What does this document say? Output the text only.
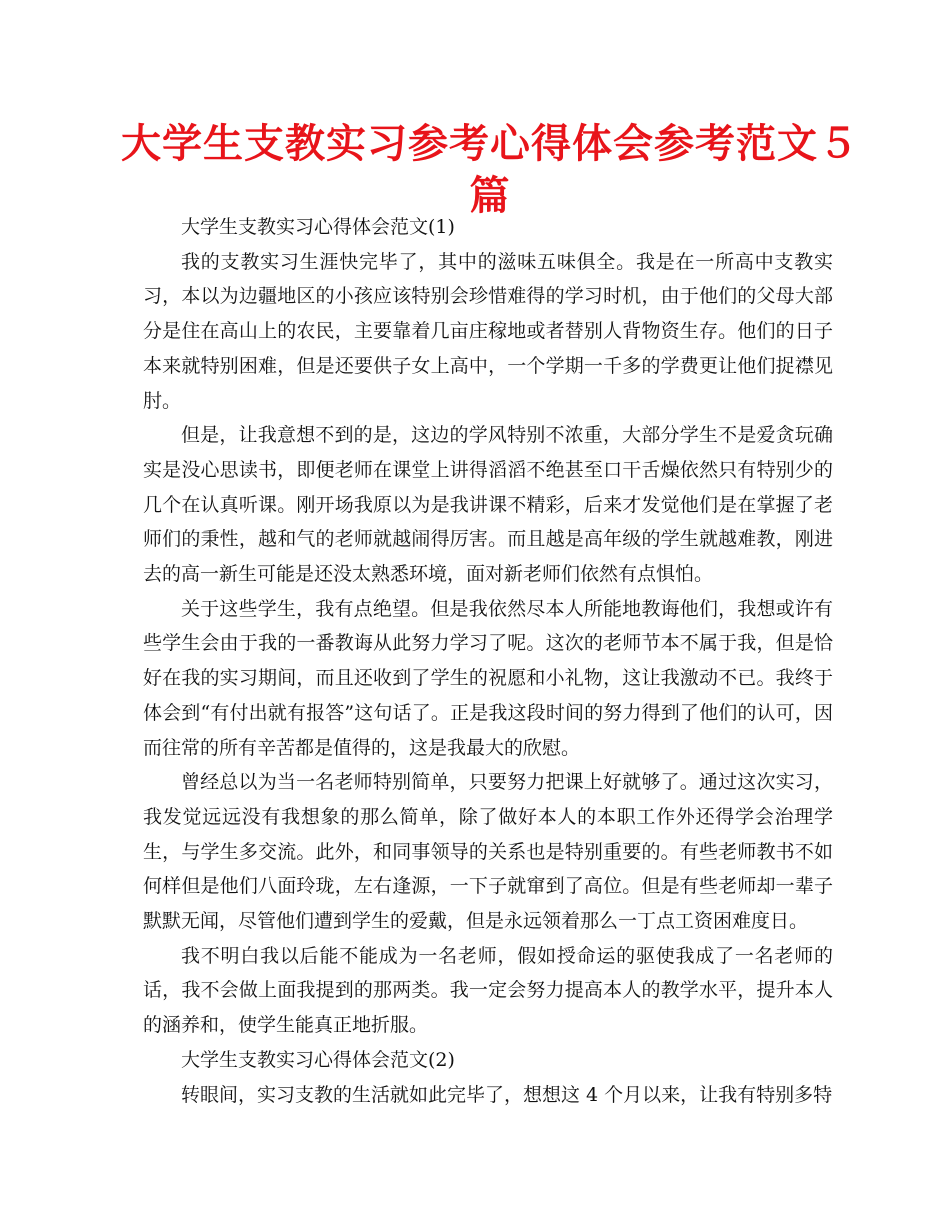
大学生支教实习参考心得体会参考范文５篇

大学生支教实习心得体会范文(1)

我的支教实习生涯快完毕了，其中的滋味五味俱全。我是在一所高中支教实习，本以为边疆地区的小孩应该特别会珍惜难得的学习时机，由于他们的父母大部分是住在高山上的农民，主要靠着几亩庄稼地或者替别人背物资生存。他们的日子本来就特别困难，但是还要供子女上高中，一个学期一千多的学费更让他们捉襟见肘。

但是，让我意想不到的是，这边的学风特别不浓重，大部分学生不是爱贪玩确实是没心思读书，即便老师在课堂上讲得滔滔不绝甚至口干舌燥依然只有特别少的几个在认真听课。刚开场我原以为是我讲课不精彩，后来才发觉他们是在掌握了老师们的秉性，越和气的老师就越闹得厉害。而且越是高年级的学生就越难教，刚进去的高一新生可能是还没太熟悉环境，面对新老师们依然有点惧怕。

关于这些学生，我有点绝望。但是我依然尽本人所能地教诲他们，我想或许有些学生会由于我的一番教诲从此努力学习了呢。这次的老师节本不属于我，但是恰好在我的实习期间，而且还收到了学生的祝愿和小礼物，这让我激动不已。我终于体会到“有付出就有报答”这句话了。正是我这段时间的努力得到了他们的认可，因而往常的所有辛苦都是值得的，这是我最大的欣慰。

曾经总以为当一名老师特别简单，只要努力把课上好就够了。通过这次实习，我发觉远远没有我想象的那么简单，除了做好本人的本职工作外还得学会治理学生，与学生多交流。此外，和同事领导的关系也是特别重要的。有些老师教书不如何样但是他们八面玲珑，左右逢源，一下子就窜到了高位。但是有些老师却一辈子默默无闻，尽管他们遭到学生的爱戴，但是永远领着那么一丁点工资困难度日。

我不明白我以后能不能成为一名老师，假如授命运的驱使我成了一名老师的话，我不会做上面我提到的那两类。我一定会努力提高本人的教学水平，提升本人的涵养和，使学生能真正地折服。

大学生支教实习心得体会范文(2)

转眼间，实习支教的生活就如此完毕了，想想这 4 个月以来，让我有特别多特
